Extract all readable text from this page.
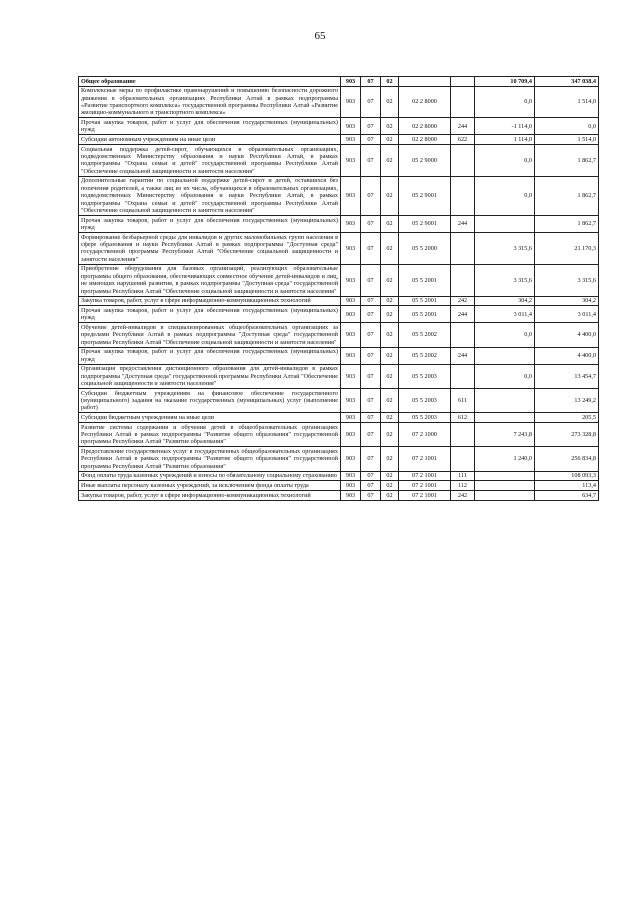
65
Общее образование	903	07	02			10 709,4	347 038,4
Комплексные меры по профилактике правонарушений и повышению безопасности дорожного движения в образовательных организациях Республики Алтай в рамках подпрограммы «Развитие транспортного комплекса» государственной программы Республики Алтай «Развитие жилищно-коммунального и транспортного комплекса»	903	07	02	02 2 8000		0,0	1 514,0
Прочая закупка товаров, работ и услуг для обеспечения государственных (муниципальных) нужд	903	07	02	02 2 8000	244	-1 114,0	0,0
Субсидии автономным учреждениям на иные цели	903	07	02	02 2 8000	622	1 114,0	1 514,0
Социальная поддержка детей-сирот, обучающихся в образовательных организациях, подведомственных Министерству образования и науки Республики Алтай, в рамках подпрограммы "Охрана семьи и детей" государственной программы Республики Алтай "Обеспечение социальной защищенности и занятости населения"	903	07	02	05 2 9000		0,0	1 862,7
Дополнительные гарантии по социальной поддержке детей-сирот и детей, оставшихся без попечения родителей, а также лиц из их числа, обучающихся в образовательных организациях, подведомственных Министерству образования и науки Республики Алтай, в рамках подпрограммы "Охрана семьи и детей" государственной программы Республики Алтай "Обеспечение социальной защищенности и занятости населения"	903	07	02	05 2 9001		0,0	1 862,7
Прочая закупка товаров, работ и услуг для обеспечения государственных (муниципальных) нужд	903	07	02	05 2 9001	244		1 862,7
Формирование безбарьерной среды для инвалидов и других маломобильных групп населения в сфере образования и науки Республики Алтай в рамках подпрограммы "Доступная среда" государственной программы Республики Алтай "Обеспечение социальной защищенности и занятости населения"	903	07	02	05 5 2000		3 315,6	21 170,3
Приобретение оборудования для базовых организаций, реализующих образовательные программы общего образования, обеспечивающих совместное обучение детей-инвалидов и лиц, не имеющих нарушений развития, в рамках подпрограммы "Доступная среда" государственной программы Республики Алтай "Обеспечение социальной защищенности и занятости населения"	903	07	02	05 5 2001		3 315,6	3 315,6
Закупка товаров, работ, услуг в сфере информационно-коммуникационных технологий	903	07	02	05 5 2001	242	304,2	304,2
Прочая закупка товаров, работ и услуг для обеспечения государственных (муниципальных) нужд	903	07	02	05 5 2001	244	3 011,4	3 011,4
Обучение детей-инвалидов в специализированных общеобразовательных организациях за пределами Республики Алтай в рамках подпрограммы "Доступная среда" государственной программы Республики Алтай "Обеспечение социальной защищенности и занятости населения"	903	07	02	05 5 2002		0,0	4 400,0
Прочая закупка товаров, работ и услуг для обеспечения государственных (муниципальных) нужд	903	07	02	05 5 2002	244		4 400,0
Организация предоставления дистанционного образования для детей-инвалидов в рамках подпрограммы "Доступная среда" государственной программы Республики Алтай "Обеспечение социальной защищенности и занятости населения"	903	07	02	05 5 2003		0,0	13 454,7
Субсидии бюджетным учреждениям на финансовое обеспечение государственного (муниципального) задания на оказание государственных (муниципальных) услуг (выполнение работ)	903	07	02	05 5 2003	611		13 249,2
Субсидии бюджетным учреждениям на иные цели	903	07	02	05 5 2003	612		205,5
Развитие системы содержания и обучения детей в общеобразовательных организациях Республики Алтай в рамках подпрограммы "Развитие общего образования" государственной программы Республики Алтай "Развитие образования"	903	07	02	07 2 1000		7 243,8	273 328,8
Предоставление государственных услуг в государственных общеобразовательных организациях Республики Алтай в рамках подпрограммы "Развитие общего образования" государственной программы Республики Алтай "Развитие образования"	903	07	02	07 2 1001		1 240,0	256 834,8
Фонд оплаты труда казенных учреждений и взносы по обязательному социальному страхованию	903	07	02	07 2 1001	111		108 093,3
Иные выплаты персоналу казенных учреждений, за исключением фонда оплаты труда	903	07	02	07 2 1001	112		113,4
Закупка товаров, работ, услуг в сфере информационно-коммуникационных технологий	903	07	02	07 2 1001	242		634,7
